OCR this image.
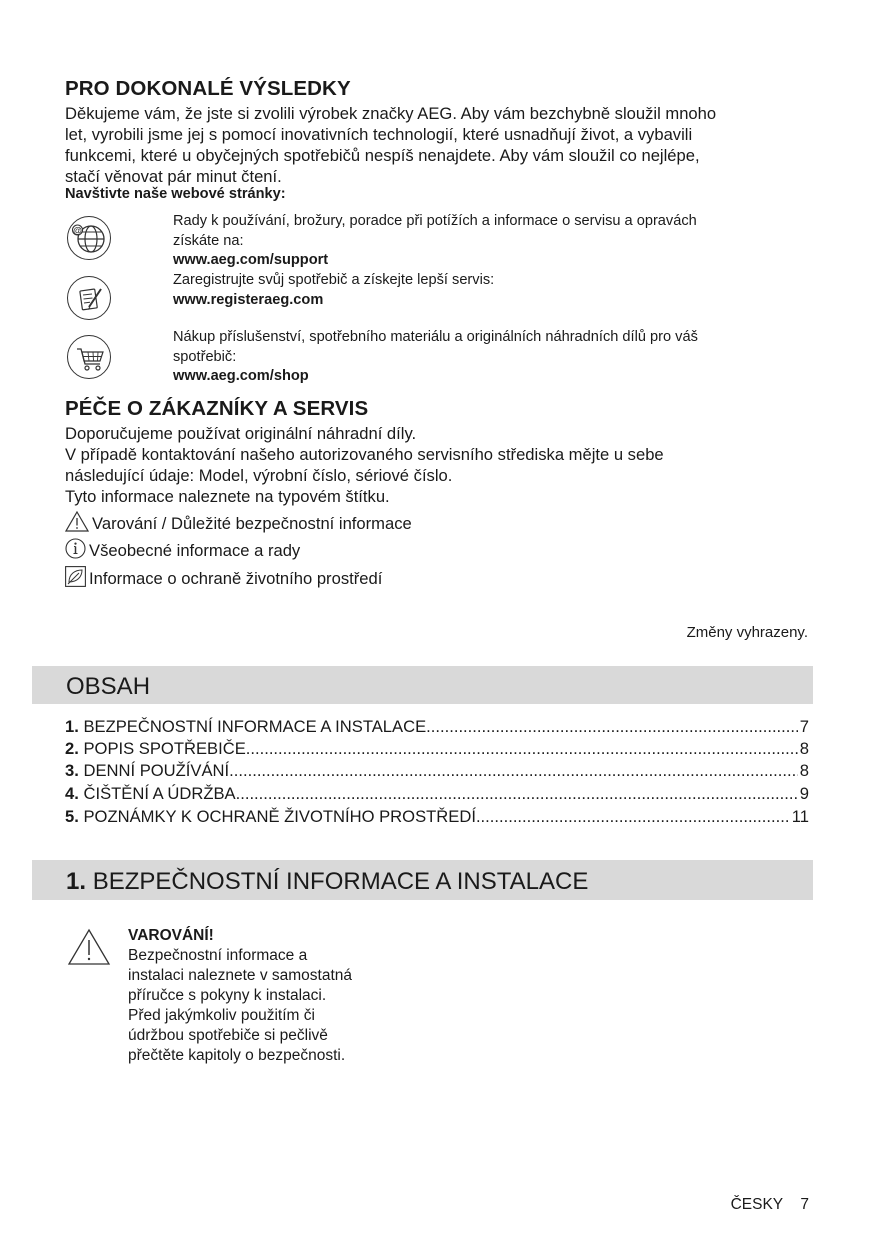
PRO DOKONALÉ VÝSLEDKY
Děkujeme vám, že jste si zvolili výrobek značky AEG. Aby vám bezchybně sloužil mnoho
let, vyrobili jsme jej s pomocí inovativních technologií, které usnadňují život, a vybavili
funkcemi, které u obyčejných spotřebičů nespíš nenajdete. Aby vám sloužil co nejlépe,
stačí věnovat pár minut čtení.
Navštivte naše webové stránky:
@
Rady k používání, brožury, poradce při potížích a informace o servisu a opravách
získáte na:
www.aeg.com/support
Zaregistrujte svůj spotřebič a získejte lepší servis:
www.registeraeg.com
Nákup příslušenství, spotřebního materiálu a originálních náhradních dílů pro váš
spotřebič:
www.aeg.com/shop
PÉČE O ZÁKAZNÍKY A SERVIS
Doporučujeme používat originální náhradní díly.
V případě kontaktování našeho autorizovaného servisního střediska mějte u sebe
následující údaje: Model, výrobní číslo, sériové číslo.
Tyto informace naleznete na typovém štítku.
Varování / Důležité bezpečnostní informace
Všeobecné informace a rady
Informace o ochraně životního prostředí
Změny vyhrazeny.
OBSAH
1.
BEZPEČNOSTNÍ INFORMACE A INSTALACE .....	7
2.
POPIS SPOTŘEBIČE .....	8
3.
DENNÍ POUŽÍVÁNÍ .....	8
4.
ČIŠTĚNÍ A ÚDRŽBA .....	9
5.
POZNÁMKY K OCHRANĚ ŽIVOTNÍHO PROSTŘEDÍ .....	11
1. BEZPEČNOSTNÍ INFORMACE A INSTALACE
VAROVÁNÍ!
Bezpečnostní informace a
instalaci naleznete v samostatná
příručce s pokyny k instalaci.
Před jakýmkoliv použitím či
údržbou spotřebiče si pečlivě
přečtěte kapitoly o bezpečnosti.
ČESKY 7
